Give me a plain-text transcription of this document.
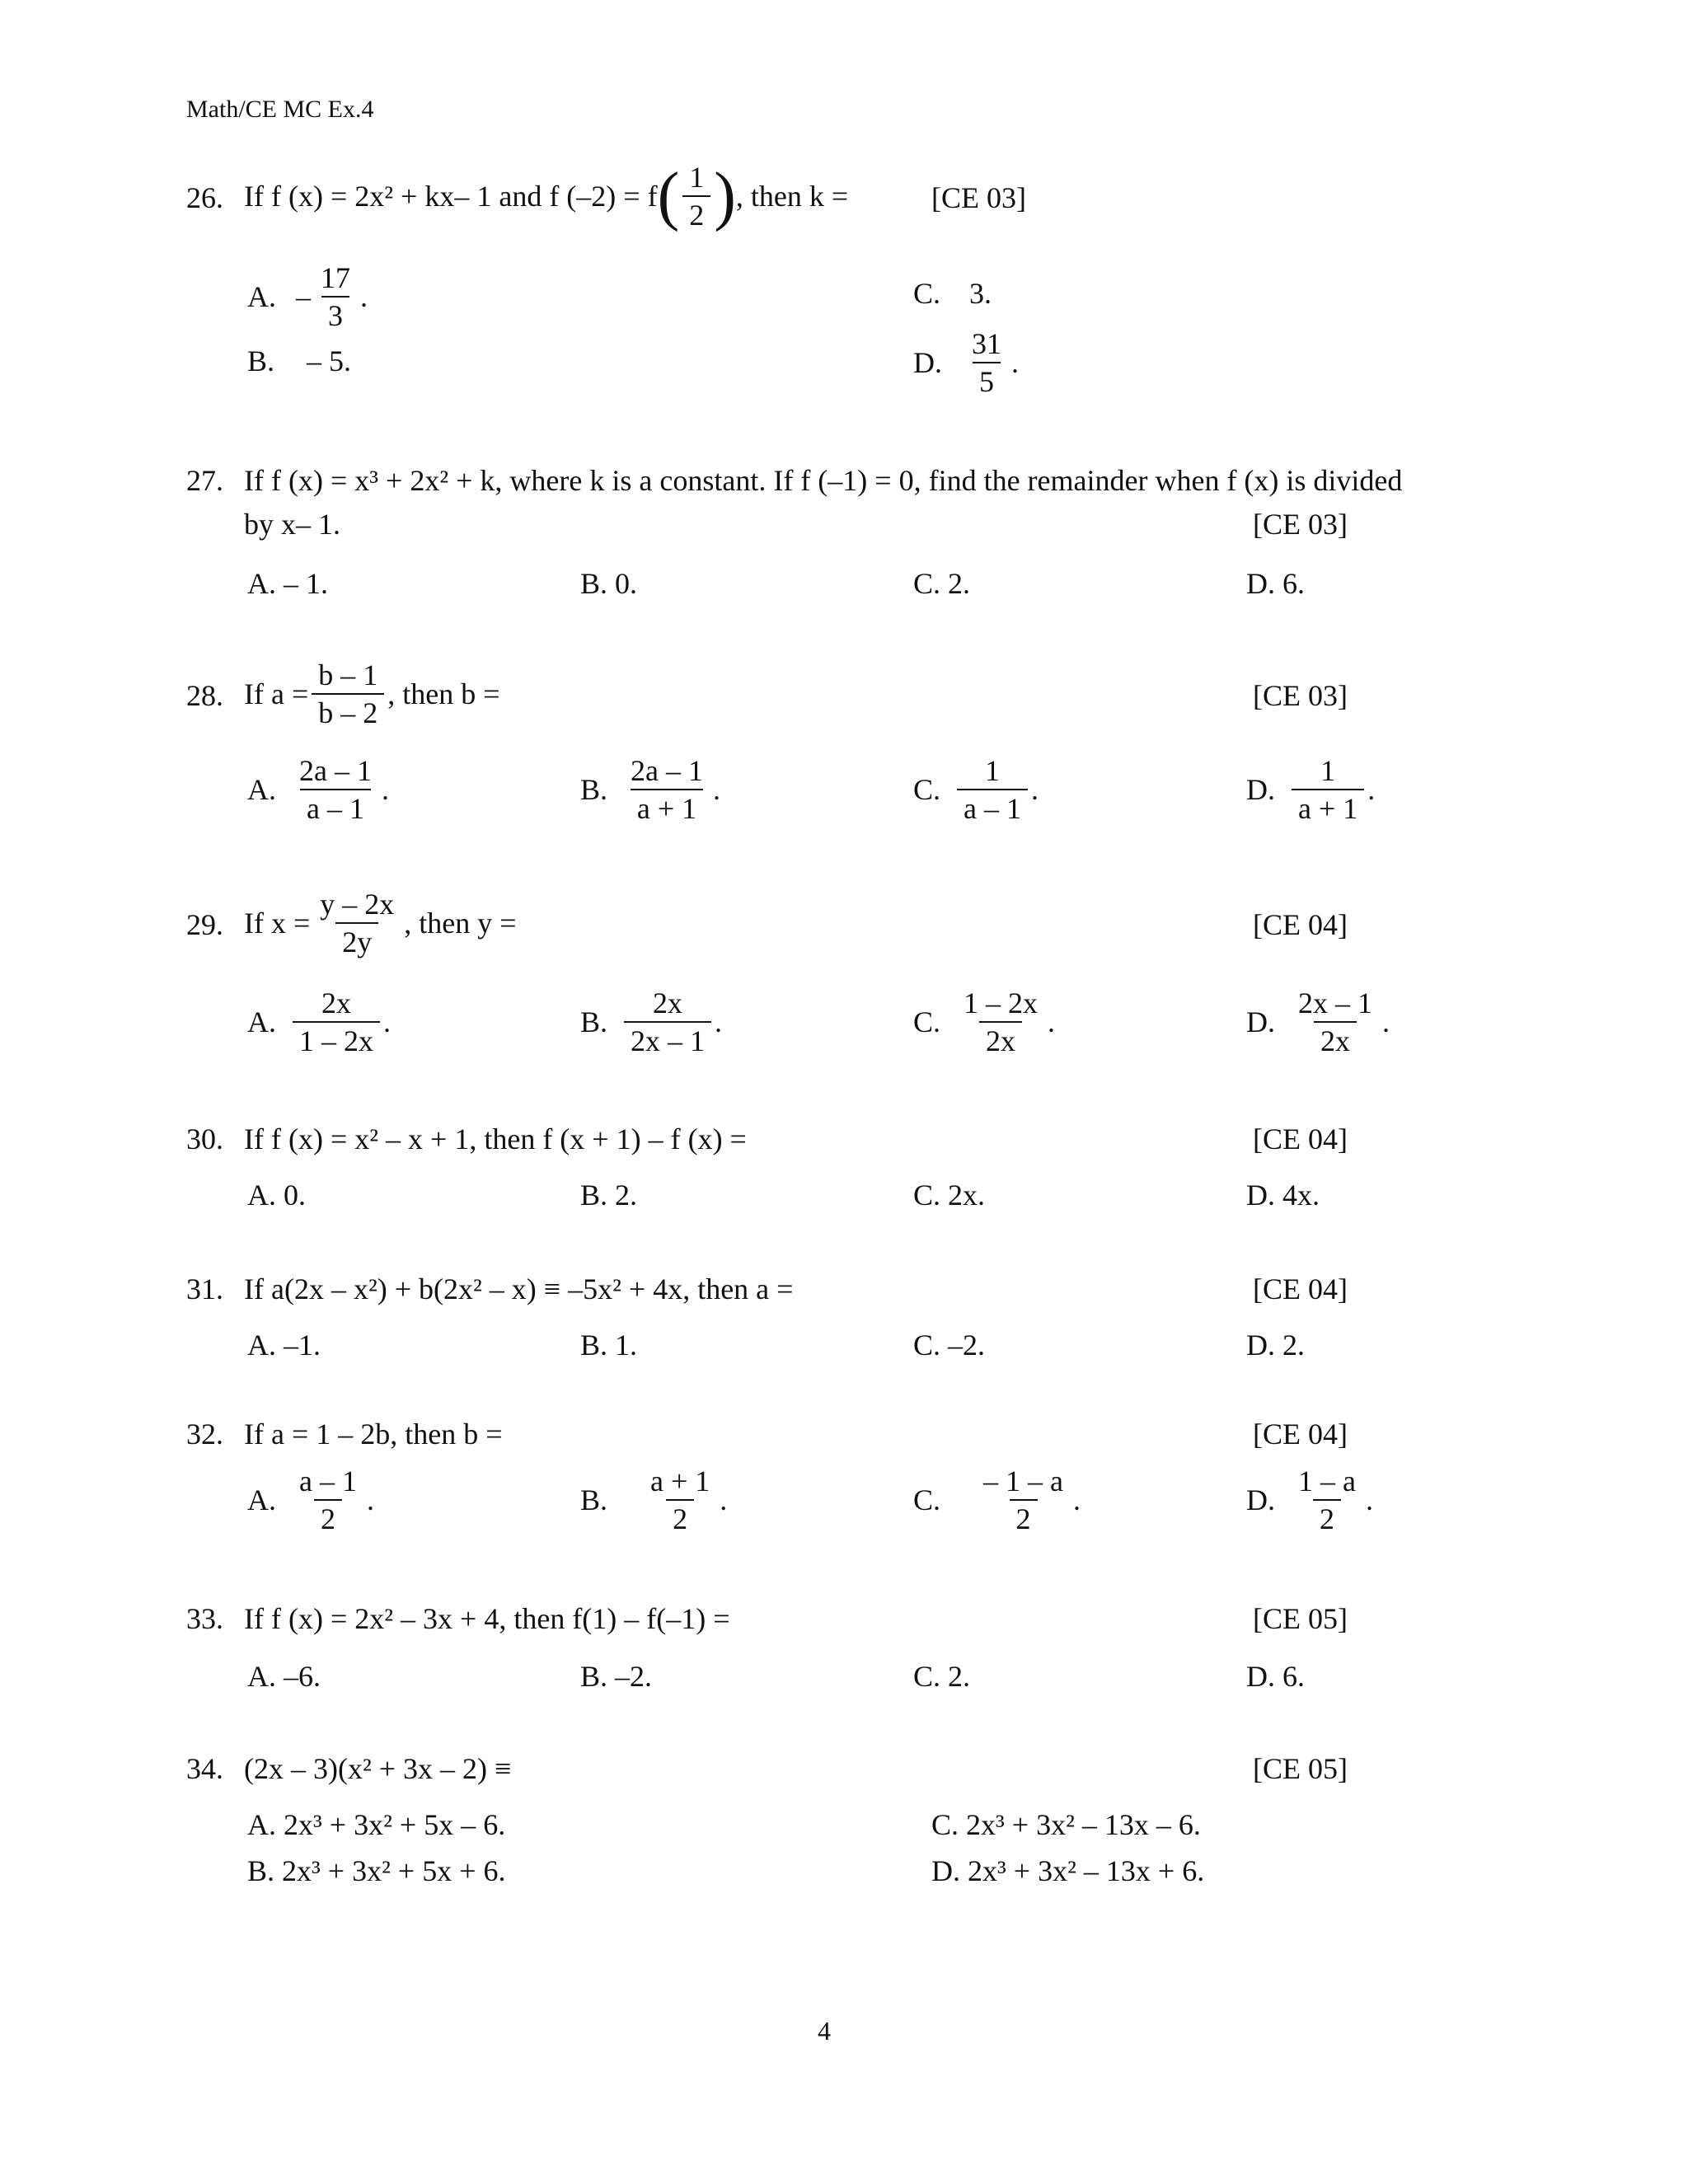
Math/CE MC Ex.4
26. If f (x) = 2x² + kx– 1 and f (–2) = f ( $\frac{1}{2}$ ) , then k =	[CE 03]
A. – $\frac{17}{3}$ .
B. – 5.
C. 3.
D. $\frac{31}{5}$ .
27. If f (x) = x³ + 2x² + k, where k is a constant. If f (–1) = 0, find the remainder when f (x) is divided
by x– 1.	[CE 03]
A. – 1.	B. 0.	C. 2.	D. 6.
28. If $a = \frac{b - 1}{b - 2}$ , then b =	[CE 03]
A. $\frac{2a - 1}{a - 1}$ .	B. $\frac{2a - 1}{a + 1}$ .	C. $\frac{1}{a - 1}$ .	D. $\frac{1}{a + 1}$ .
29. If $x = \frac{y - 2x}{2y}$ , then y =	[CE 04]
A. $\frac{2x}{1 - 2x}$ .	B. $\frac{2x}{2x - 1}$ .	C. $\frac{1 - 2x}{2x}$ .	D. $\frac{2x - 1}{2x}$ .
30. If f (x) = x² – x + 1, then f (x + 1) – f (x) =	[CE 04]
A. 0.	B. 2.	C. 2x.	D. 4x.
31. If a(2x – x²) + b(2x² – x) ≡ –5x² + 4x, then a =	[CE 04]
A. –1.	B. 1.	C. –2.	D. 2.
32. If a = 1 – 2b, then b =	[CE 04]
A. $\frac{a - 1}{2}$ .	B. $\frac{a + 1}{2}$ .	C. $\frac{- 1 - a}{2}$ .	D. $\frac{1 - a}{2}$ .
33. If f (x) = 2x² – 3x + 4, then f(1) – f(–1) =	[CE 05]
A. –6.	B. –2.	C. 2.	D. 6.
34. (2x – 3)(x² + 3x – 2) ≡	[CE 05]
A. 2x³ + 3x² + 5x – 6.
B. 2x³ + 3x² + 5x + 6.
C. 2x³ + 3x² – 13x – 6.
D. 2x³ + 3x² – 13x + 6.
4
